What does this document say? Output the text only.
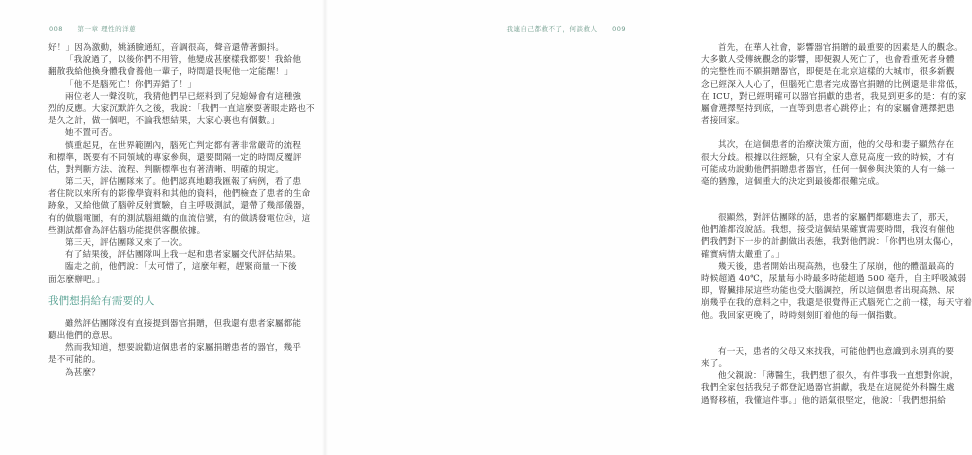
008 第一章 理性的洋蔥
好！」因為激動，姚涵臉通紅，音調很高，聲音還帶著顫抖。
「我說過了，以後你們不用管，他變成甚麼樣我都要！我給他
翻散我給他換身體我會養他一輩子，時間還長呢他一定能醒！」
「他不是腦死亡！你們弄錯了！」
兩位老人一聲沒吭，我猜他們早已經料到了兒媳婦會有這種強
烈的反應。大家沉默許久之後，我說：「我們一直這麼耍著眼走路也不
是久之計，做一個吧，不論我想結果，大家心裏也有個數。」
她不置可否。
慎重起見，在世界範圍內，腦死亡判定都有著非常嚴苛的流程
和標準，既要有不同領域的專家參與，還要間隔一定的時間反覆評
估，對判斷方法、流程、判斷標準也有著清晰、明確的規定。
第二天，評估團隊來了。他們認真地聽我匯報了病例，看了患
者住院以來所有的影像學資料和其他的資料，他們檢查了患者的生命
跡象，又給他做了腦幹反射實驗，自主呼吸測試，還帶了幾部儀器，
有的做腦電圖，有的測試腦組織的血流信號，有的做誘發電位㉔，這
些測試都會為評估腦功能提供客觀依據。
第三天，評估團隊又來了一次。
有了結果後，評估團隊叫上我一起和患者家屬交代評估結果。
臨走之前，他們說：「太可惜了，這麼年輕，趕緊商量一下後
面怎麼辦吧。」
我們想捐給有需要的人
雖然評估團隊沒有直接提到器官捐贈，但我還有患者家屬都能
聽出他們的意思。
然而我知道，想要說勸這個患者的家屬捐贈患者的器官，幾乎
是不可能的。
為甚麼？
我連自己都救不了，何談救人 009
首先，在華人社會，影響器官捐贈的最重要的因素是人的觀念。
大多數人受傳統觀念的影響，即便親人死亡了，也會看重死者身體
的完整性而不願捐贈器官，即便是在北京這樣的大城市，很多新觀
念已經深入人心了，但腦死亡患者完成器官捐贈的比例還是非常低，
在 ICU，對已經明確可以器官捐獻的患者，我見到更多的是：有的家
屬會選擇堅持到底，一直等到患者心跳停止；有的家屬會選擇把患
者接回家。
其次，在這個患者的治療決策方面，他的父母和妻子顯然存在
很大分歧。根據以往經驗，只有全家人意見高度一致的時候，才有
可能成功說動他們捐贈患者器官，任何一個參與決策的人有一絲一
毫的猶豫，這個重大的決定到最後都很難完成。
很顯然，對評估團隊的話，患者的家屬們都聽進去了，那天，
他們誰都沒說話。我想，接受這個結果確實需要時間，我沒有催他
們我們對下一步的計劃做出表態，我對他們說：「你們也別太傷心，
確實病情太嚴重了。」
幾天後，患者開始出現高熱，也發生了尿崩，他的體溫最高的
時候超過 40℃，尿量每小時最多時能超過 500 毫升，自主呼吸減弱
即，腎臟排尿這些功能也受大腦調控，所以這個患者出現高熱、尿
崩幾乎在我的意料之中，我還是很覺得正式腦死亡之前一樣，每天守着
他。我回家更晚了，時時刻刻盯着他的每一個指數。
有一天，患者的父母又來找我，可能他們也意識到永別真的要
來了。
他父親說：「薄醫生，我們想了很久，有件事我一直想對你說，
我們全家包括我兒子都登記過器官捐獻，我是在這屍從外科醫生處
過腎移植，我懂這件事。」他的語氣很堅定，他說：「我們想捐給
